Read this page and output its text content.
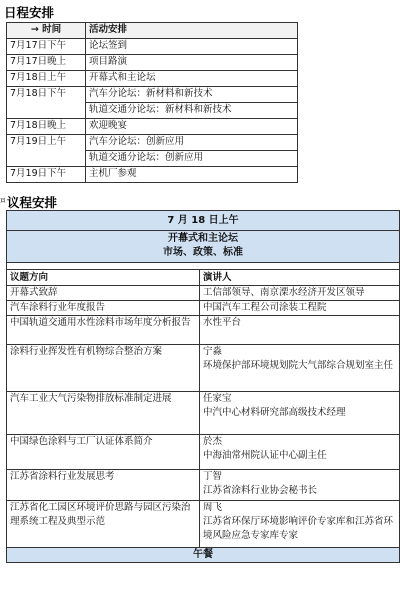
日程安排
→ 时间	活动安排
7月17日下午	论坛签到
7月17日晚上	项目路演
7月18日上午	开幕式和主论坛
7月18日下午	汽车分论坛：新材料和新技术
	轨道交通分论坛：新材料和新技术
7月18日晚上	欢迎晚宴
7月19日上午	汽车分论坛：创新应用
	轨道交通分论坛：创新应用
7月19日下午	主机厂参观
¤ 议程安排
7 月 18 日上午	

开幕式和主论坛
市场、政策、标准	

议题方向	演讲人
开幕式致辞	工信部领导、南京溧水经济开发区领导
汽车涂料行业年度报告	中国汽车工程公司涂装工程院
中国轨道交通用水性涂料市场年度分析报告	水性平台
涂料行业挥发性有机物综合整治方案	宁淼
环境保护部环境规划院大气部综合规划室主任

汽车工业大气污染物排放标准制定进展	任家宝
中汽中心材料研究部高级技术经理

中国绿色涂料与工厂认证体系简介	於杰
中海油常州院认证中心副主任

江苏省涂料行业发展思考	丁智
江苏省涂料行业协会秘书长

江苏省化工园区环境评价思路与园区污染治理系统工程及典型示范	周飞
江苏省环保厅环境影响评价专家库和江苏省环境风险应急专家库专家

午餐	
